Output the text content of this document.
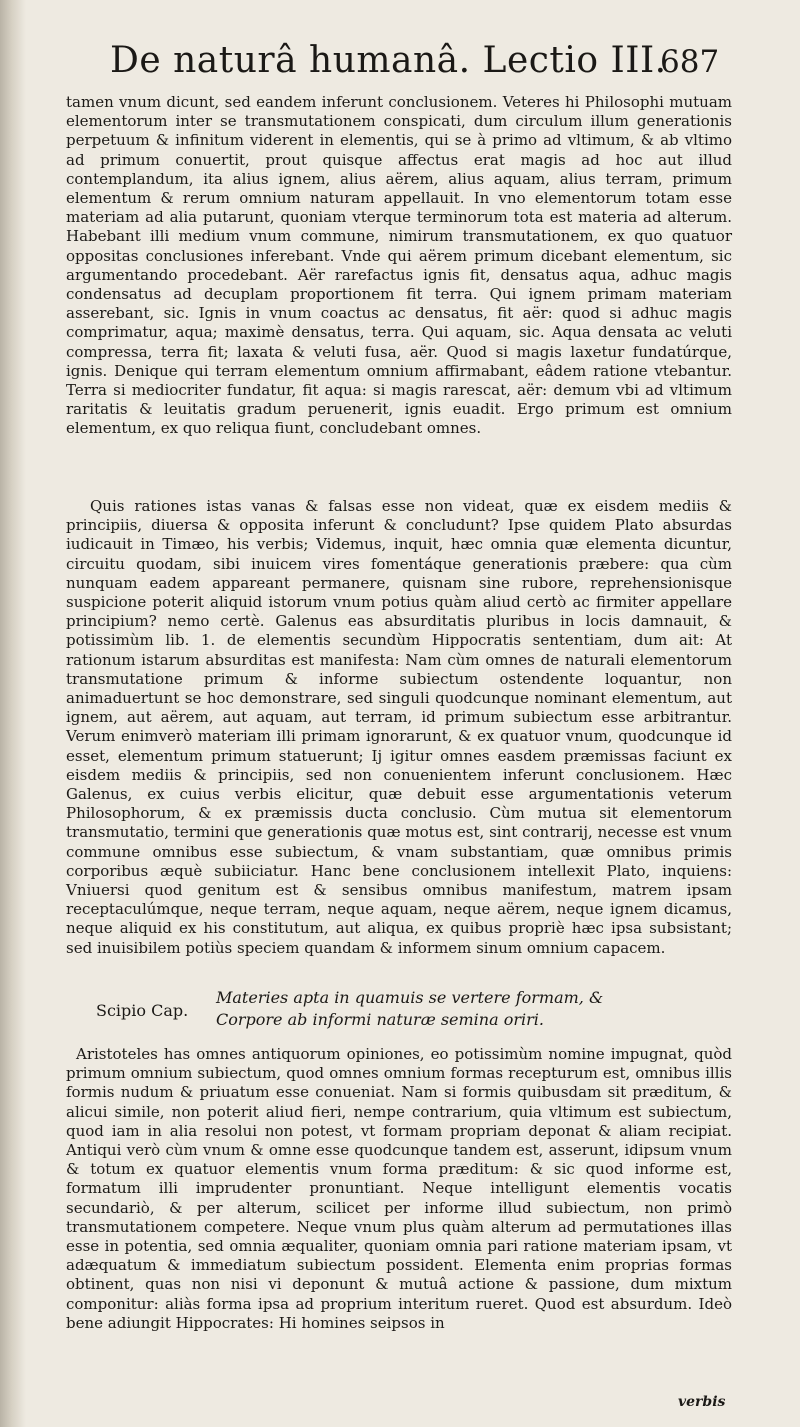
De naturâ humanâ. Lectio III.
687

tamen vnum dicunt, sed eandem inferunt conclusionem. Veteres hi Philosophi mutuam elementorum inter se transmutationem conspicati, dum circulum illum generationis perpetuum & infinitum viderent in elementis, qui se à primo ad vltimum, & ab vltimo ad primum conuertit, prout quisque affectus erat magis ad hoc aut illud contemplandum, ita alius ignem, alius aërem, alius aquam, alius terram, primum elementum & rerum omnium naturam appellauit. In vno elementorum totam esse materiam ad alia putarunt, quoniam vterque terminorum tota est materia ad alterum. Habebant illi medium vnum commune, nimirum transmutationem, ex quo quatuor oppositas conclusiones inferebant. Vnde qui aërem primum dicebant elementum, sic argumentando procedebant. Aër rarefactus ignis fit, densatus aqua, adhuc magis condensatus ad decuplam proportionem fit terra. Qui ignem primam materiam asserebant, sic. Ignis in vnum coactus ac densatus, fit aër: quod si adhuc magis comprimatur, aqua; maximè densatus, terra. Qui aquam, sic. Aqua densata ac veluti compressa, terra fit; laxata & veluti fusa, aër. Quod si magis laxetur fundatúrque, ignis. Denique qui terram elementum omnium affirmabant, eâdem ratione vtebantur. Terra si mediocriter fundatur, fit aqua: si magis rarescat, aër: demum vbi ad vltimum raritatis & leuitatis gradum peruenerit, ignis euadit. Ergo primum est omnium elementum, ex quo reliqua fiunt, concludebant omnes.

Quis rationes istas vanas & falsas esse non videat, quæ ex eisdem mediis & principiis, diuersa & opposita inferunt & concludunt? Ipse quidem Plato absurdas iudicauit in Timæo, his verbis; Videmus, inquit, hæc omnia quæ elementa dicuntur, circuitu quodam, sibi inuicem vires fomentáque generationis præbere: qua cùm nunquam eadem appareant permanere, quisnam sine rubore, reprehensionisque suspicione poterit aliquid istorum vnum potius quàm aliud certò ac firmiter appellare principium? nemo certè. Galenus eas absurditatis pluribus in locis damnauit, & potissimùm lib. 1. de elementis secundùm Hippocratis sententiam, dum ait: At rationum istarum absurditas est manifesta: Nam cùm omnes de naturali elementorum transmutatione primum & informe subiectum ostendente loquantur, non animaduertunt se hoc demonstrare, sed singuli quodcunque nominant elementum, aut ignem, aut aërem, aut aquam, aut terram, id primum subiectum esse arbitrantur. Verum enimverò materiam illi primam ignorarunt, & ex quatuor vnum, quodcunque id esset, elementum primum statuerunt; Ij igitur omnes easdem præmissas faciunt ex eisdem mediis & principiis, sed non conuenientem inferunt conclusionem. Hæc Galenus, ex cuius verbis elicitur, quæ debuit esse argumentationis veterum Philosophorum, & ex præmissis ducta conclusio. Cùm mutua sit elementorum transmutatio, termini que generationis quæ motus est, sint contrarij, necesse est vnum commune omnibus esse subiectum, & vnam substantiam, quæ omnibus primis corporibus æquè subiiciatur. Hanc bene conclusionem intellexit Plato, inquiens: Vniuersi quod genitum est & sensibus omnibus manifestum, matrem ipsam receptaculúmque, neque terram, neque aquam, neque aërem, neque ignem dicamus, neque aliquid ex his constitutum, aut aliqua, ex quibus propriè hæc ipsa subsistant; sed inuisibilem potiùs speciem quandam & informem sinum omnium capacem.

Scipio Cap.
Materies apta in quamuis se vertere formam, &
Corpore ab informi naturæ semina oriri.

Aristoteles has omnes antiquorum opiniones, eo potissimùm nomine impugnat, quòd primum omnium subiectum, quod omnes omnium formas recepturum est, omnibus illis formis nudum & priuatum esse conueniat. Nam si formis quibusdam sit præditum, & alicui simile, non poterit aliud fieri, nempe contrarium, quia vltimum est subiectum, quod iam in alia resolui non potest, vt formam propriam deponat & aliam recipiat. Antiqui verò cùm vnum & omne esse quodcunque tandem est, asserunt, idipsum vnum & totum ex quatuor elementis vnum forma præditum: & sic quod informe est, formatum illi imprudenter pronuntiant. Neque intelligunt elementis vocatis secundariò, & per alterum, scilicet per informe illud subiectum, non primò transmutationem competere. Neque vnum plus quàm alterum ad permutationes illas esse in potentia, sed omnia æqualiter, quoniam omnia pari ratione materiam ipsam, vt adæquatum & immediatum subiectum possident. Elementa enim proprias formas obtinent, quas non nisi vi deponunt & mutuâ actione & passione, dum mixtum componitur: aliàs forma ipsa ad proprium interitum rueret. Quod est absurdum. Ideò bene adiungit Hippocrates: Hi homines seipsos in

verbis
